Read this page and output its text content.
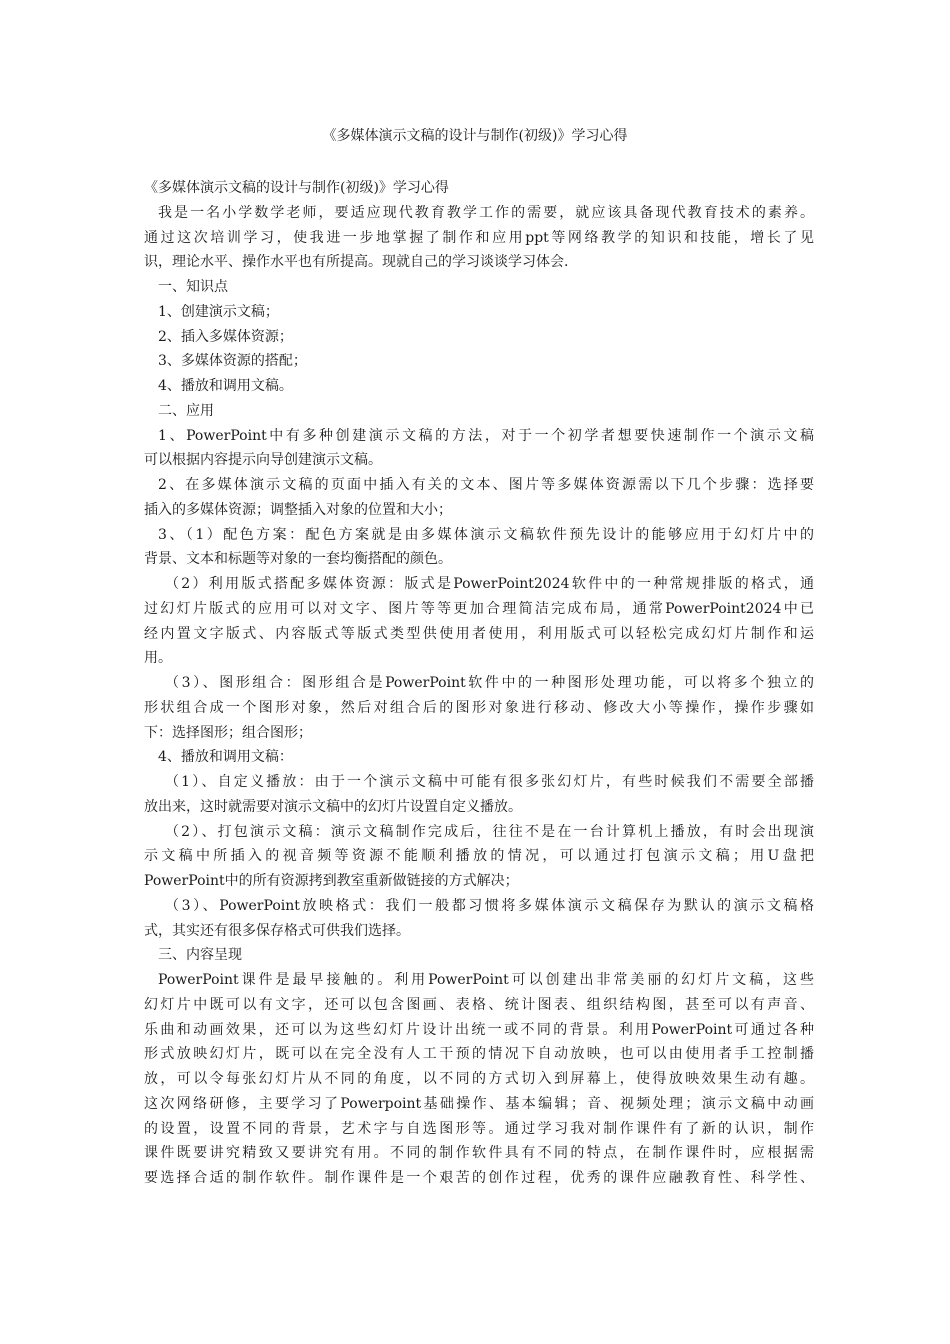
《多媒体演示文稿的设计与制作(初级)》学习心得
《多媒体演示文稿的设计与制作(初级)》学习心得
我是一名小学数学老师，要适应现代教育教学工作的需要，就应该具备现代教育技术的素养。
通过这次培训学习，使我进一步地掌握了制作和应用ppt等网络教学的知识和技能，增长了见
识，理论水平、操作水平也有所提高。现就自己的学习谈谈学习体会.
一、知识点
1、创建演示文稿；
2、插入多媒体资源；
3、多媒体资源的搭配；
4、播放和调用文稿。
二、应用
1、PowerPoint中有多种创建演示文稿的方法，对于一个初学者想要快速制作一个演示文稿
可以根据内容提示向导创建演示文稿。
2、在多媒体演示文稿的页面中插入有关的文本、图片等多媒体资源需以下几个步骤：选择要
插入的多媒体资源；调整插入对象的位置和大小；
3、（1）配色方案：配色方案就是由多媒体演示文稿软件预先设计的能够应用于幻灯片中的
背景、文本和标题等对象的一套均衡搭配的颜色。
（2）利用版式搭配多媒体资源：版式是PowerPoint2024软件中的一种常规排版的格式，通
过幻灯片版式的应用可以对文字、图片等等更加合理简洁完成布局，通常PowerPoint2024中已
经内置文字版式、内容版式等版式类型供使用者使用，利用版式可以轻松完成幻灯片制作和运
用。
（3）、图形组合：图形组合是PowerPoint软件中的一种图形处理功能，可以将多个独立的
形状组合成一个图形对象，然后对组合后的图形对象进行移动、修改大小等操作，操作步骤如
下：选择图形；组合图形；
4、播放和调用文稿：
（1）、自定义播放：由于一个演示文稿中可能有很多张幻灯片，有些时候我们不需要全部播
放出来，这时就需要对演示文稿中的幻灯片设置自定义播放。
（2）、打包演示文稿：演示文稿制作完成后，往往不是在一台计算机上播放，有时会出现演
示文稿中所插入的视音频等资源不能顺利播放的情况，可以通过打包演示文稿；用U盘把
PowerPoint中的所有资源拷到教室重新做链接的方式解决；
（3）、PowerPoint放映格式：我们一般都习惯将多媒体演示文稿保存为默认的演示文稿格
式，其实还有很多保存格式可供我们选择。
三、内容呈现
PowerPoint课件是最早接触的。利用PowerPoint可以创建出非常美丽的幻灯片文稿，这些
幻灯片中既可以有文字，还可以包含图画、表格、统计图表、组织结构图，甚至可以有声音、
乐曲和动画效果，还可以为这些幻灯片设计出统一或不同的背景。利用PowerPoint可通过各种
形式放映幻灯片，既可以在完全没有人工干预的情况下自动放映，也可以由使用者手工控制播
放，可以令每张幻灯片从不同的角度，以不同的方式切入到屏幕上，使得放映效果生动有趣。
这次网络研修，主要学习了Powerpoint基础操作、基本编辑；音、视频处理；演示文稿中动画
的设置，设置不同的背景，艺术字与自选图形等。通过学习我对制作课件有了新的认识，制作
课件既要讲究精致又要讲究有用。不同的制作软件具有不同的特点，在制作课件时，应根据需
要选择合适的制作软件。制作课件是一个艰苦的创作过程，优秀的课件应融教育性、科学性、
